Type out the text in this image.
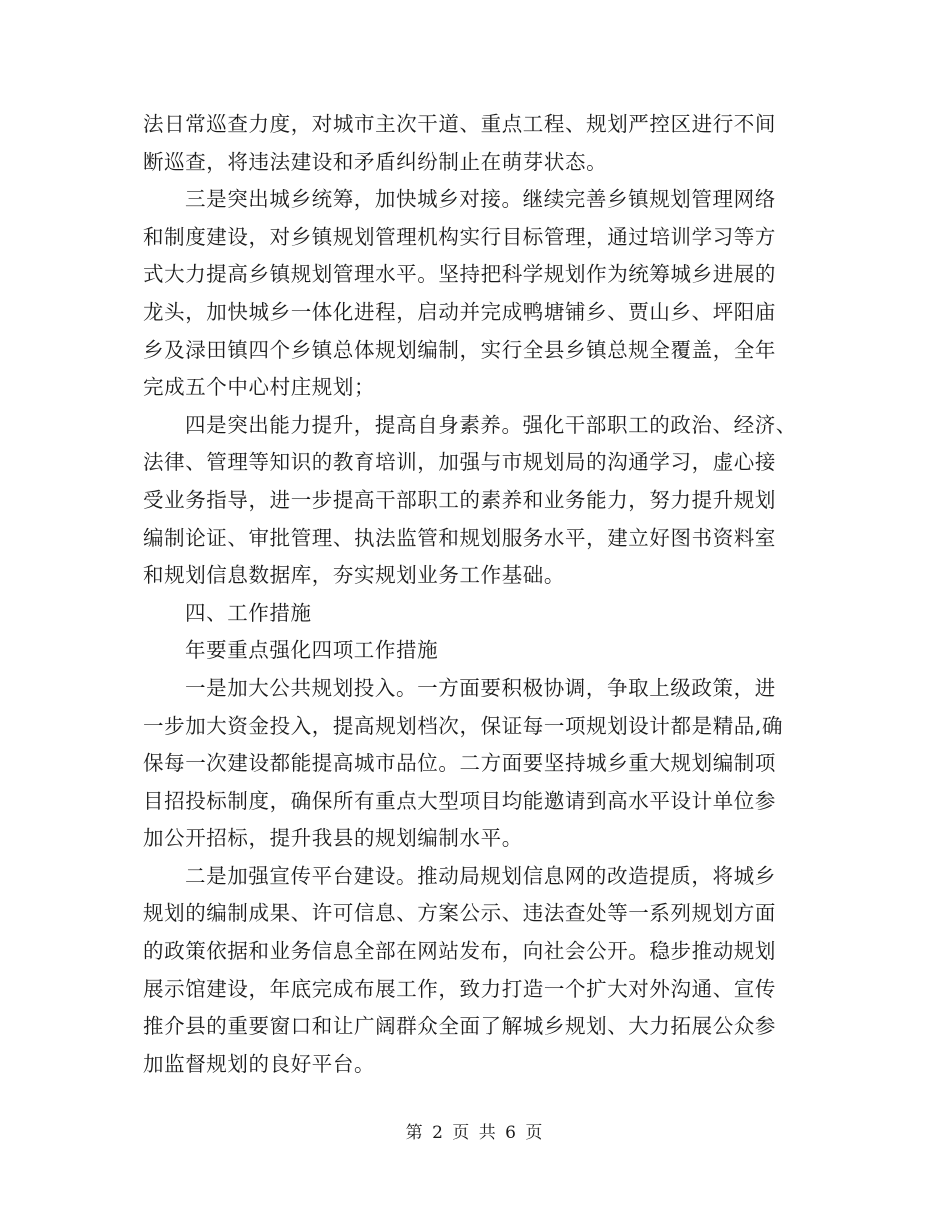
法日常巡查力度，对城市主次干道、重点工程、规划严控区进行不间
断巡查，将违法建设和矛盾纠纷制止在萌芽状态。
三是突出城乡统筹，加快城乡对接。继续完善乡镇规划管理网络
和制度建设，对乡镇规划管理机构实行目标管理，通过培训学习等方
式大力提高乡镇规划管理水平。坚持把科学规划作为统筹城乡进展的
龙头，加快城乡一体化进程，启动并完成鸭塘铺乡、贾山乡、坪阳庙
乡及渌田镇四个乡镇总体规划编制，实行全县乡镇总规全覆盖，全年
完成五个中心村庄规划；
四是突出能力提升，提高自身素养。强化干部职工的政治、经济、
法律、管理等知识的教育培训，加强与市规划局的沟通学习，虚心接
受业务指导，进一步提高干部职工的素养和业务能力，努力提升规划
编制论证、审批管理、执法监管和规划服务水平，建立好图书资料室
和规划信息数据库，夯实规划业务工作基础。
四、工作措施
年要重点强化四项工作措施
一是加大公共规划投入。一方面要积极协调，争取上级政策，进
一步加大资金投入，提高规划档次，保证每一项规划设计都是精品,确
保每一次建设都能提高城市品位。二方面要坚持城乡重大规划编制项
目招投标制度，确保所有重点大型项目均能邀请到高水平设计单位参
加公开招标，提升我县的规划编制水平。
二是加强宣传平台建设。推动局规划信息网的改造提质，将城乡
规划的编制成果、许可信息、方案公示、违法查处等一系列规划方面
的政策依据和业务信息全部在网站发布，向社会公开。稳步推动规划
展示馆建设，年底完成布展工作，致力打造一个扩大对外沟通、宣传
推介县的重要窗口和让广阔群众全面了解城乡规划、大力拓展公众参
加监督规划的良好平台。
第 2 页 共 6 页
